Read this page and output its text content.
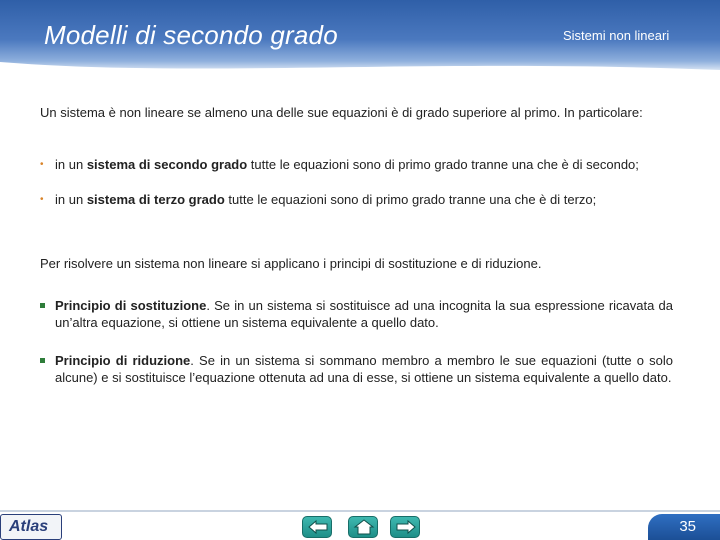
Modelli di secondo grado	Sistemi non lineari

Un sistema è non lineare se almeno una delle sue equazioni è di grado superiore al primo. In particolare:

• in un sistema di secondo grado tutte le equazioni sono di primo grado tranne una che è di secondo;
• in un sistema di terzo grado tutte le equazioni sono di primo grado tranne una che è di terzo;

Per risolvere un sistema non lineare si applicano i principi di sostituzione e di riduzione.

Principio di sostituzione. Se in un sistema si sostituisce ad una incognita la sua espressione ricavata da un’altra equazione, si ottiene un sistema equivalente a quello dato.
Principio di riduzione. Se in un sistema si sommano membro a membro le sue equazioni (tutte o solo alcune) e si sostituisce l’equazione ottenuta ad una di esse, si ottiene un sistema equivalente a quello dato.
Atlas	35
